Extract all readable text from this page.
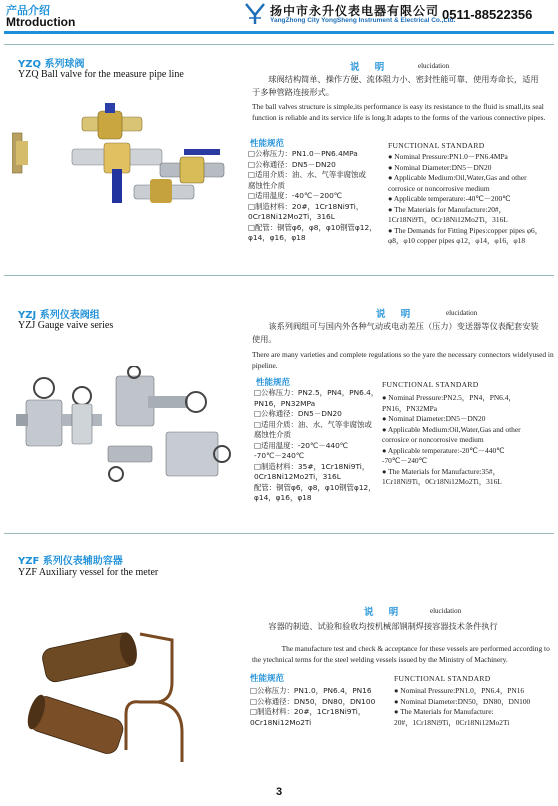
产品介绍
Mtroduction
扬中市永升仪表电器有限公司
YangZhong City YongSheng Instrument & Electrical Co.,Ltd.
0511-88522356
YZQ 系列球阀
YZQ Ball valve for the measure pipe line
说 明	elucidation
球阀结构简单、操作方便、流体阻力小、密封性能可靠、使用寿命长，适用于多种管路连接形式。
The ball valves structure is simple,its performance is easy its resistance to the fluid is small,its seal function is reliable and its service life is long.It adapts to the forms of the various connective pipes.
性能规范
□公称压力：PN1.0－PN6.4MPa
□公称通径：DN5－DN20
□适用介质：油、水、气等非腐蚀或
腐蚀性介质
□适用温度：-40℃－200℃
□制造材料：20#，1Cr18Ni9Ti，
0Cr18Ni12Mo2Ti，316L
□配管：铜管φ6，φ8，φ10钢管φ12，
φ14，φ16，φ18
FUNCTIONAL STANDARD
● Nominal Pressure:PN1.0－PN6.4MPa
● Nominal Diameter:DN5－DN20
● Applicable Medium:Oil,Water,Gas and other
corrosice or noncorrosive medium
● Applicable temperature:-40℃－200℃
● The Materials for Manufacture:20#，
1Cr18Ni9Ti，0Cr18Ni12Mo2Ti，316L
● The Demands for Fitting Pipes:copper pipes φ6，
φ8，φ10 copper pipes φ12，φ14，φ16，φ18
YZJ 系列仪表阀组
YZJ Gauge vaive series
说 明	elucidation
该系列阀组可与国内外各种气动或电动差压（压力）变送器等仪表配套安装使用。
There are many varieties and complete regulations so the yare the necessary connectors widelyused in pipeline.
性能规范
□公称压力：PN2.5，PN4，PN6.4，
PN16，PN32MPa
□公称通径：DN5－DN20
□适用介质：油、水、气等非腐蚀或
腐蚀性介质
□适用温度：-20℃－440℃
-70℃－240℃
□制造材料：35#，1Cr18Ni9Ti，
0Cr18Ni12Mo2Ti，316L
配管：铜管φ6，φ8，φ10钢管φ12，
φ14，φ16，φ18
FUNCTIONAL STANDARD
● Nominal Pressure:PN2.5，PN4，PN6.4，
PN16，PN32MPa
● Nominal Diameter:DN5－DN20
● Applicable Medium:Oil,Water,Gas and other
corrosice or noncorrosive medium
● Applicable temperature:-20℃－440℃
-70℃－240℃
● The Materials for Manufacture:35#，
1Cr18Ni9Ti，0Cr18Ni12Mo2Ti，316L
YZF 系列仪表辅助容器
YZF Auxiliary vessel for the meter
说 明	elucidation
容器的制造、试验和验收均按机械部钢制焊接容器技术条件执行
The manufacture test and check & acceptance for these vessels are performed according to the ytechnical terms for the steel welding vessels issued by the Ministry of Machinery.
性能规范
□公称压力：PN1.0，PN6.4，PN16
□公称通径：DN50，DN80，DN100
□制造材料：20#，1Cr18Ni9Ti，
0Cr18Ni12Mo2Ti
FUNCTIONAL STANDARD
● Nominal Pressure:PN1.0，PN6.4，PN16
● Nominal Diameter:DN50，DN80，DN100
● The Materials for Manufacture:
20#，1Cr18Ni9Ti，0Cr18Ni12Mo2Ti
3
